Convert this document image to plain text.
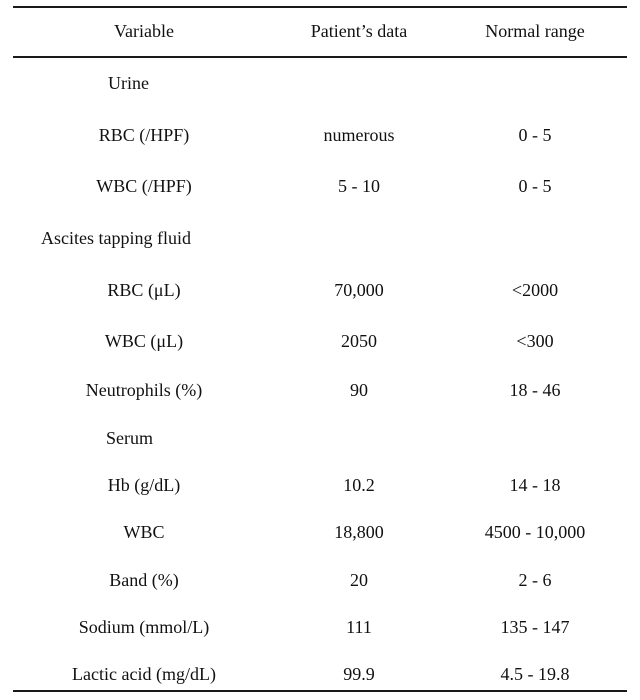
Variable	Patient’s data	Normal range
Urine
RBC (/HPF)	numerous	0 - 5
WBC (/HPF)	5 - 10	0 - 5
Ascites tapping fluid
RBC (μL)	70,000	<2000
WBC (μL)	2050	<300
Neutrophils (%)	90	18 - 46
Serum
Hb (g/dL)	10.2	14 - 18
WBC	18,800	4500 - 10,000
Band (%)	20	2 - 6
Sodium (mmol/L)	111	135 - 147
Lactic acid (mg/dL)	99.9	4.5 - 19.8
